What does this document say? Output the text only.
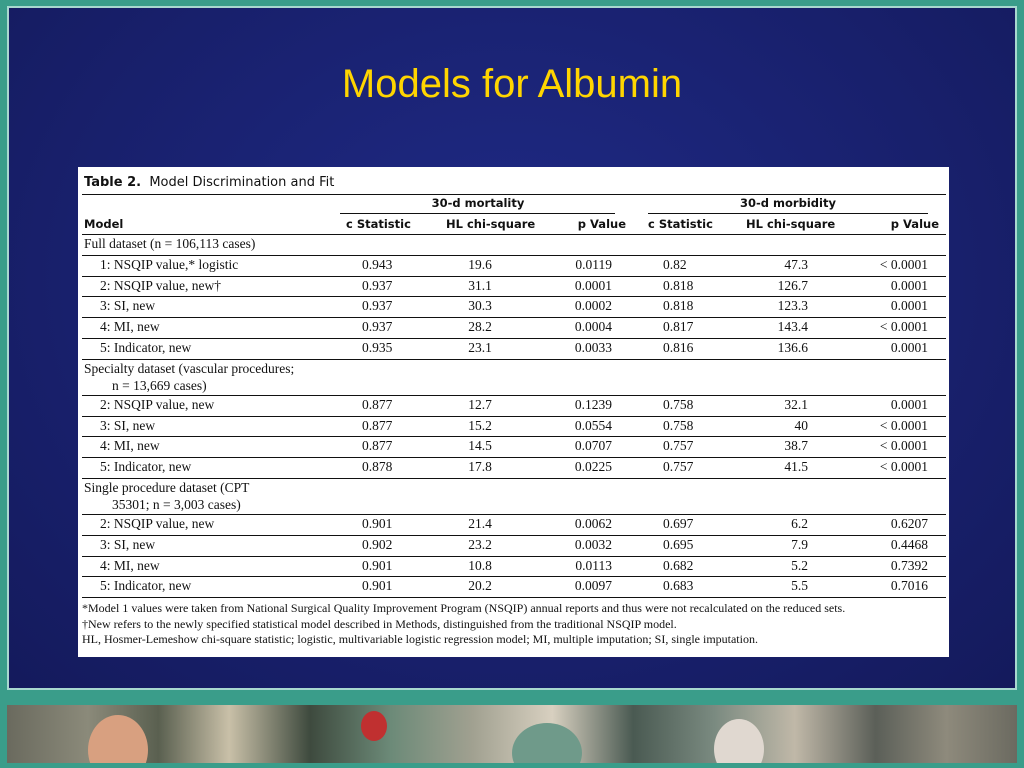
Models for Albumin
Table 2. Model Discrimination and Fit
30-d mortality	30-d morbidity
Model	c Statistic	HL chi-square	p Value c Statistic	HL chi-square	p Value
Full dataset (n = 106,113 cases)
1: NSQIP value,* logistic	0.943	19.6	0.0119	0.82	47.3	< 0.0001
2: NSQIP value, new†	0.937	31.1	0.0001	0.818	126.7	0.0001
3: SI, new	0.937	30.3	0.0002	0.818	123.3	0.0001
4: MI, new	0.937	28.2	0.0004	0.817	143.4	< 0.0001
5: Indicator, new	0.935	23.1	0.0033	0.816	136.6	0.0001
Specialty dataset (vascular procedures;
n = 13,669 cases)
2: NSQIP value, new	0.877	12.7	0.1239	0.758	32.1	0.0001
3: SI, new	0.877	15.2	0.0554	0.758	40	< 0.0001
4: MI, new	0.877	14.5	0.0707	0.757	38.7	< 0.0001
5: Indicator, new	0.878	17.8	0.0225	0.757	41.5	< 0.0001
Single procedure dataset (CPT
35301; n = 3,003 cases)
2: NSQIP value, new	0.901	21.4	0.0062	0.697	6.2	0.6207
3: SI, new	0.902	23.2	0.0032	0.695	7.9	0.4468
4: MI, new	0.901	10.8	0.0113	0.682	5.2	0.7392
5: Indicator, new	0.901	20.2	0.0097	0.683	5.5	0.7016
*Model 1 values were taken from National Surgical Quality Improvement Program (NSQIP) annual reports and thus were not recalculated on the reduced sets.
†New refers to the newly specified statistical model described in Methods, distinguished from the traditional NSQIP model.
HL, Hosmer-Lemeshow chi-square statistic; logistic, multivariable logistic regression model; MI, multiple imputation; SI, single imputation.
